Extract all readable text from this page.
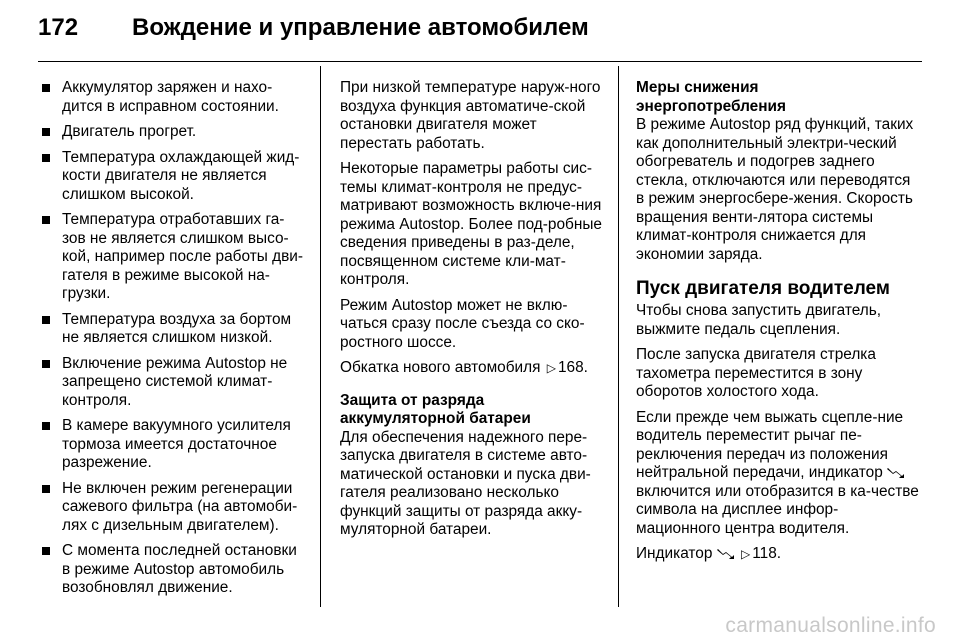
172	Вождение и управление автомобилем
Аккумулятор заряжен и нахо-дится в исправном состоянии.
Двигатель прогрет.
Температура охлаждающей жид-кости двигателя не является слишком высокой.
Температура отработавших га-зов не является слишком высо-кой, например после работы дви-гателя в режиме высокой на-грузки.
Температура воздуха за бортом не является слишком низкой.
Включение режима Autostop не запрещено системой климат-контроля.
В камере вакуумного усилителя тормоза имеется достаточное разрежение.
Не включен режим регенерации сажевого фильтра (на автомоби-лях с дизельным двигателем).
С момента последней остановки в режиме Autostop автомобиль возобновлял движение.

При низкой температуре наруж-ного воздуха функция автоматиче-ской остановки двигателя может перестать работать.

Некоторые параметры работы сис-темы климат-контроля не предус-матривают возможность включе-ния режима Autostop. Более под-робные сведения приведены в раз-деле, посвященном системе кли-мат-контроля.

Режим Autostop может не вклю-чаться сразу после съезда со ско-ростного шоссе.

Обкатка нового автомобиля ▷ 168.

Защита от разряда
аккумуляторной батареи

Для обеспечения надежного пере-запуска двигателя в системе авто-матической остановки и пуска дви-гателя реализовано несколько функций защиты от разряда акку-муляторной батареи.

Меры снижения
энергопотребления

В режиме Autostop ряд функций, таких как дополнительный электри-ческий обогреватель и подогрев заднего стекла, отключаются или переводятся в режим энергосбере-жения. Скорость вращения венти-лятора системы климат-контроля снижается для экономии заряда.

Пуск двигателя водителем

Чтобы снова запустить двигатель, выжмите педаль сцепления.

После запуска двигателя стрелка тахометра переместится в зону оборотов холостого хода.

Если прежде чем выжать сцепле-ние водитель переместит рычаг пе-реключения передач из положения нейтральной передачи, индикатор  включится или отобразится в ка-честве символа на дисплее инфор-мационного центра водителя.

Индикатор ▷ 118.

carmanualsonline.info
